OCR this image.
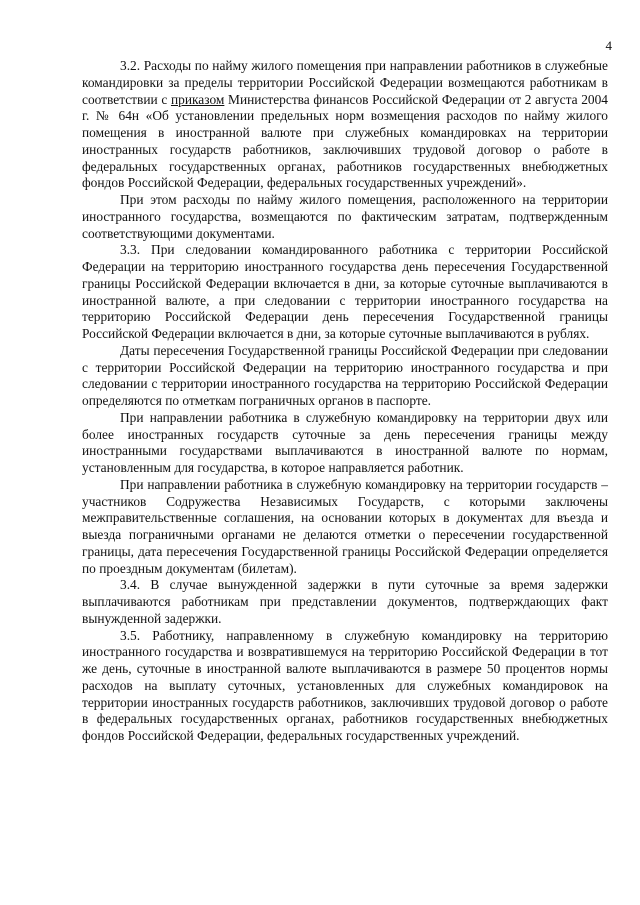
4

3.2. Расходы по найму жилого помещения при направлении работников в служебные командировки за пределы территории Российской Федерации возмещаются работникам в соответствии с приказом Министерства финансов Российской Федерации от 2 августа 2004 г. № 64н «Об установлении предельных норм возмещения расходов по найму жилого помещения в иностранной валюте при служебных командировках на территории иностранных государств работников, заключивших трудовой договор о работе в федеральных государственных органах, работников государственных внебюджетных фондов Российской Федерации, федеральных государственных учреждений».

При этом расходы по найму жилого помещения, расположенного на территории иностранного государства, возмещаются по фактическим затратам, подтвержденным соответствующими документами.

3.3. При следовании командированного работника с территории Российской Федерации на территорию иностранного государства день пересечения Государственной границы Российской Федерации включается в дни, за которые суточные выплачиваются в иностранной валюте, а при следовании с территории иностранного государства на территорию Российской Федерации день пересечения Государственной границы Российской Федерации включается в дни, за которые суточные выплачиваются в рублях.

Даты пересечения Государственной границы Российской Федерации при следовании с территории Российской Федерации на территорию иностранного государства и при следовании с территории иностранного государства на территорию Российской Федерации определяются по отметкам пограничных органов в паспорте.

При направлении работника в служебную командировку на территории двух или более иностранных государств суточные за день пересечения границы между иностранными государствами выплачиваются в иностранной валюте по нормам, установленным для государства, в которое направляется работник.

При направлении работника в служебную командировку на территории государств – участников Содружества Независимых Государств, с которыми заключены межправительственные соглашения, на основании которых в документах для въезда и выезда пограничными органами не делаются отметки о пересечении государственной границы, дата пересечения Государственной границы Российской Федерации определяется по проездным документам (билетам).

3.4. В случае вынужденной задержки в пути суточные за время задержки выплачиваются работникам при представлении документов, подтверждающих факт вынужденной задержки.

3.5. Работнику, направленному в служебную командировку на территорию иностранного государства и возвратившемуся на территорию Российской Федерации в тот же день, суточные в иностранной валюте выплачиваются в размере 50 процентов нормы расходов на выплату суточных, установленных для служебных командировок на территории иностранных государств работников, заключивших трудовой договор о работе в федеральных государственных органах, работников государственных внебюджетных фондов Российской Федерации, федеральных государственных учреждений.
